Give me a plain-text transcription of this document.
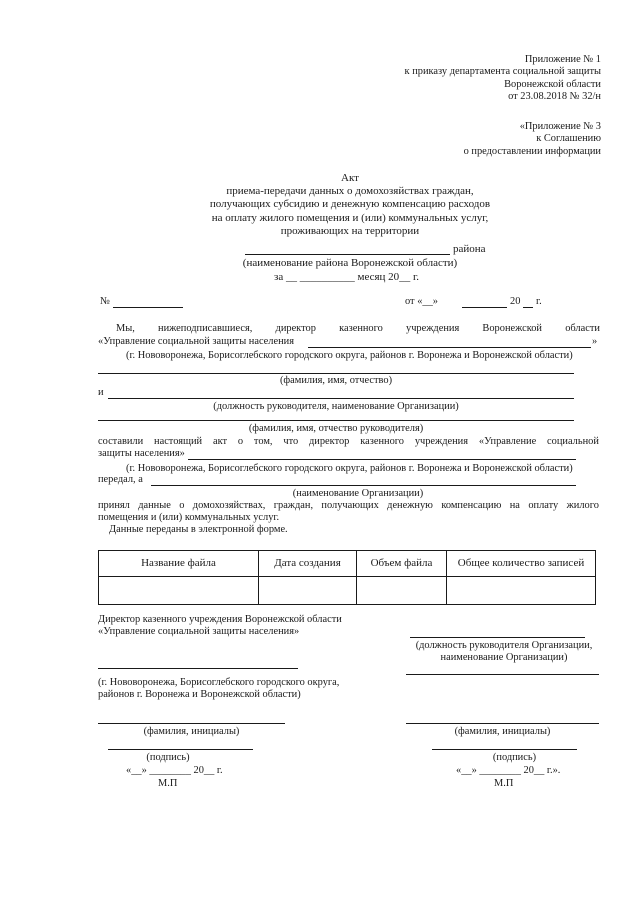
Приложение № 1
к приказу департамента социальной защиты
Воронежской области
от 23.08.2018 № 32/н
«Приложение № 3
к Соглашению
о предоставлении информации
Акт
приема-передачи данных о домохозяйствах граждан,
получающих субсидию и денежную компенсацию расходов
на оплату жилого помещения и (или) коммунальных услуг,
проживающих на территории
района
(наименование района Воронежской области)
за __ __________ месяц 20__ г.
№	от «__»	20 г.
Мы, нижеподписавшиеся, директор казенного учреждения Воронежской области
«Управление социальной защиты населения	»
(г. Нововоронежа, Борисоглебского городского округа, районов г. Воронежа и Воронежской области)
(фамилия, имя, отчество)
и
(должность руководителя, наименование Организации)
(фамилия, имя, отчество руководителя)
составили настоящий акт о том, что директор казенного учреждения «Управление социальной
защиты населения»
(г. Нововоронежа, Борисоглебского городского округа, районов г. Воронежа и Воронежской области)
передал, а
(наименование Организации)
принял данные о домохозяйствах, граждан, получающих денежную компенсацию на оплату жилого
помещения и (или) коммунальных услуг.
Данные переданы в электронной форме.
Название файла	Дата создания	Объем файла	Общее количество записей

Директор казенного учреждения Воронежской области
«Управление социальной защиты населения»
(должность руководителя Организации,
наименование Организации)
(г. Нововоронежа, Борисоглебского городского округа,
районов г. Воронежа и Воронежской области)
(фамилия, инициалы)	(фамилия, инициалы)
(подпись)	(подпись)
«__» ________ 20__ г.	«__» ________ 20__ г.».
М.П	М.П
